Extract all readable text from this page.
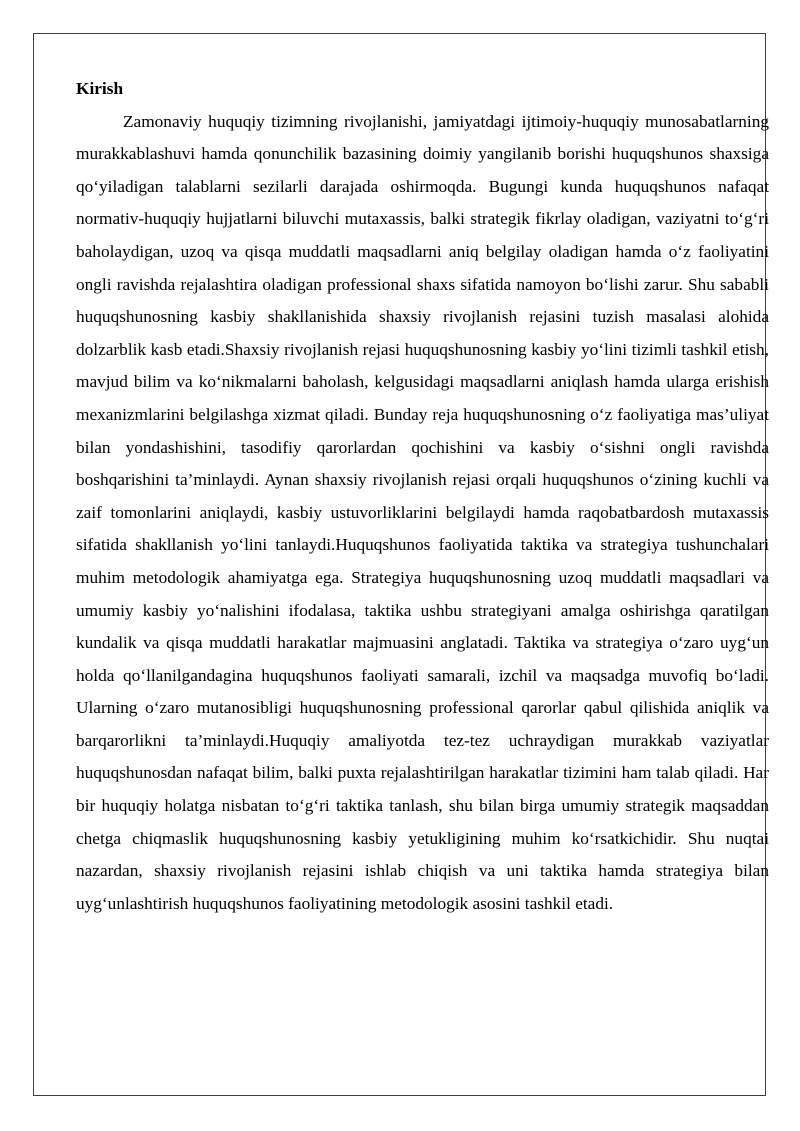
Kirish

Zamonaviy huquqiy tizimning rivojlanishi, jamiyatdagi ijtimoiy-huquqiy munosabatlarning murakkablashuvi hamda qonunchilik bazasining doimiy yangilanib borishi huquqshunos shaxsiga qo‘yiladigan talablarni sezilarli darajada oshirmoqda. Bugungi kunda huquqshunos nafaqat normativ-huquqiy hujjatlarni biluvchi mutaxassis, balki strategik fikrlay oladigan, vaziyatni to‘g‘ri baholaydigan, uzoq va qisqa muddatli maqsadlarni aniq belgilay oladigan hamda o‘z faoliyatini ongli ravishda rejalashtira oladigan professional shaxs sifatida namoyon bo‘lishi zarur. Shu sababli huquqshunosning kasbiy shakllanishida shaxsiy rivojlanish rejasini tuzish masalasi alohida dolzarblik kasb etadi.Shaxsiy rivojlanish rejasi huquqshunosning kasbiy yo‘lini tizimli tashkil etish, mavjud bilim va ko‘nikmalarni baholash, kelgusidagi maqsadlarni aniqlash hamda ularga erishish mexanizmlarini belgilashga xizmat qiladi. Bunday reja huquqshunosning o‘z faoliyatiga mas’uliyat bilan yondashishini, tasodifiy qarorlardan qochishini va kasbiy o‘sishni ongli ravishda boshqarishini ta’minlaydi. Aynan shaxsiy rivojlanish rejasi orqali huquqshunos o‘zining kuchli va zaif tomonlarini aniqlaydi, kasbiy ustuvorliklarini belgilaydi hamda raqobatbardosh mutaxassis sifatida shakllanish yo‘lini tanlaydi.Huquqshunos faoliyatida taktika va strategiya tushunchalari muhim metodologik ahamiyatga ega. Strategiya huquqshunosning uzoq muddatli maqsadlari va umumiy kasbiy yo‘nalishini ifodalasa, taktika ushbu strategiyani amalga oshirishga qaratilgan kundalik va qisqa muddatli harakatlar majmuasini anglatadi. Taktika va strategiya o‘zaro uyg‘un holda qo‘llanilgandagina huquqshunos faoliyati samarali, izchil va maqsadga muvofiq bo‘ladi. Ularning o‘zaro mutanosibligi huquqshunosning professional qarorlar qabul qilishida aniqlik va barqarorlikni ta’minlaydi.Huquqiy amaliyotda tez-tez uchraydigan murakkab vaziyatlar huquqshunosdan nafaqat bilim, balki puxta rejalashtirilgan harakatlar tizimini ham talab qiladi. Har bir huquqiy holatga nisbatan to‘g‘ri taktika tanlash, shu bilan birga umumiy strategik maqsaddan chetga chiqmaslik huquqshunosning kasbiy yetukligining muhim ko‘rsatkichidir. Shu nuqtai nazardan, shaxsiy rivojlanish rejasini ishlab chiqish va uni taktika hamda strategiya bilan uyg‘unlashtirish huquqshunos faoliyatining metodologik asosini tashkil etadi.
